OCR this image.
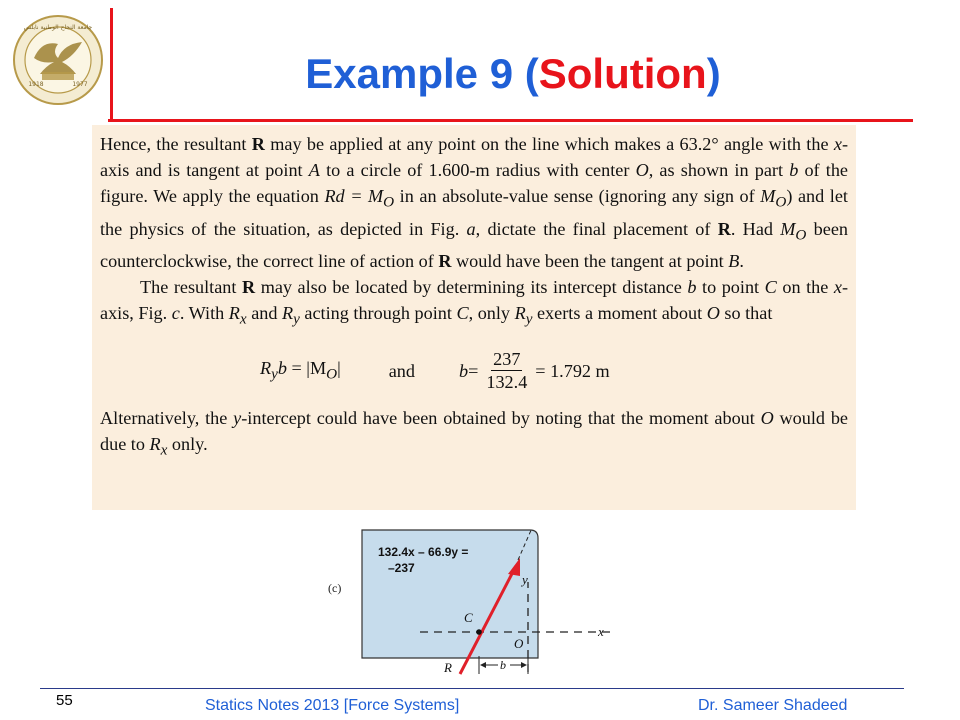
جامعة النجاح الوطنية نابلس
1918	1977	Example 9 (Solution)

Hence, the resultant R may be applied at any point on the line which makes a 63.2° angle with the x-axis and is tangent at point A to a circle of 1.600-m radius with center O, as shown in part b of the figure. We apply the equation $Rd = M_O$ in an absolute-value sense (ignoring any sign of $M_O$) and let the physics of the situation, as depicted in Fig. a, dictate the final placement of R. Had $M_O$ been counterclockwise, the correct line of action of R would have been the tangent at point B.

The resultant R may also be located by determining its intercept distance b to point C on the x-axis, Fig. c. With $R_x$ and $R_y$ acting through point C, only $R_y$ exerts a moment about O so that

$R_yb = |M_O|$	and $b = \frac{237}{132.4} = 1.792$ m

Alternatively, the y-intercept could have been obtained by noting that the moment about O would be due to $R_x$ only.

(c)
132.4x – 66.9y =
–237
y
x
C
O
R	b
55	Statics Notes 2013 [Force Systems]	Dr. Sameer Shadeed
